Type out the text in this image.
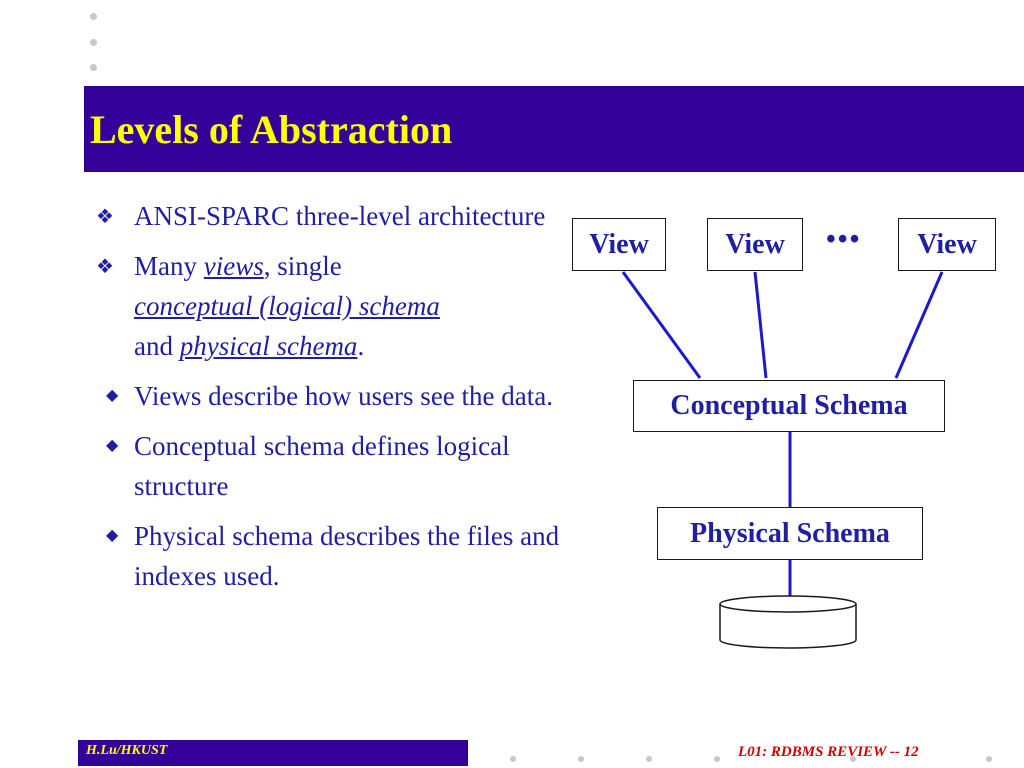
Levels of Abstraction
❖ ANSI-SPARC three-level architecture
❖ Many views, single
conceptual (logical) schema
and physical schema.
◆ Views describe how users see the data.
◆ Conceptual schema defines logical structure
◆ Physical schema describes the files and indexes used.
View	View	•••	View
Conceptual Schema
Physical Schema
H.Lu/HKUST	L01: RDBMS REVIEW -- 12
